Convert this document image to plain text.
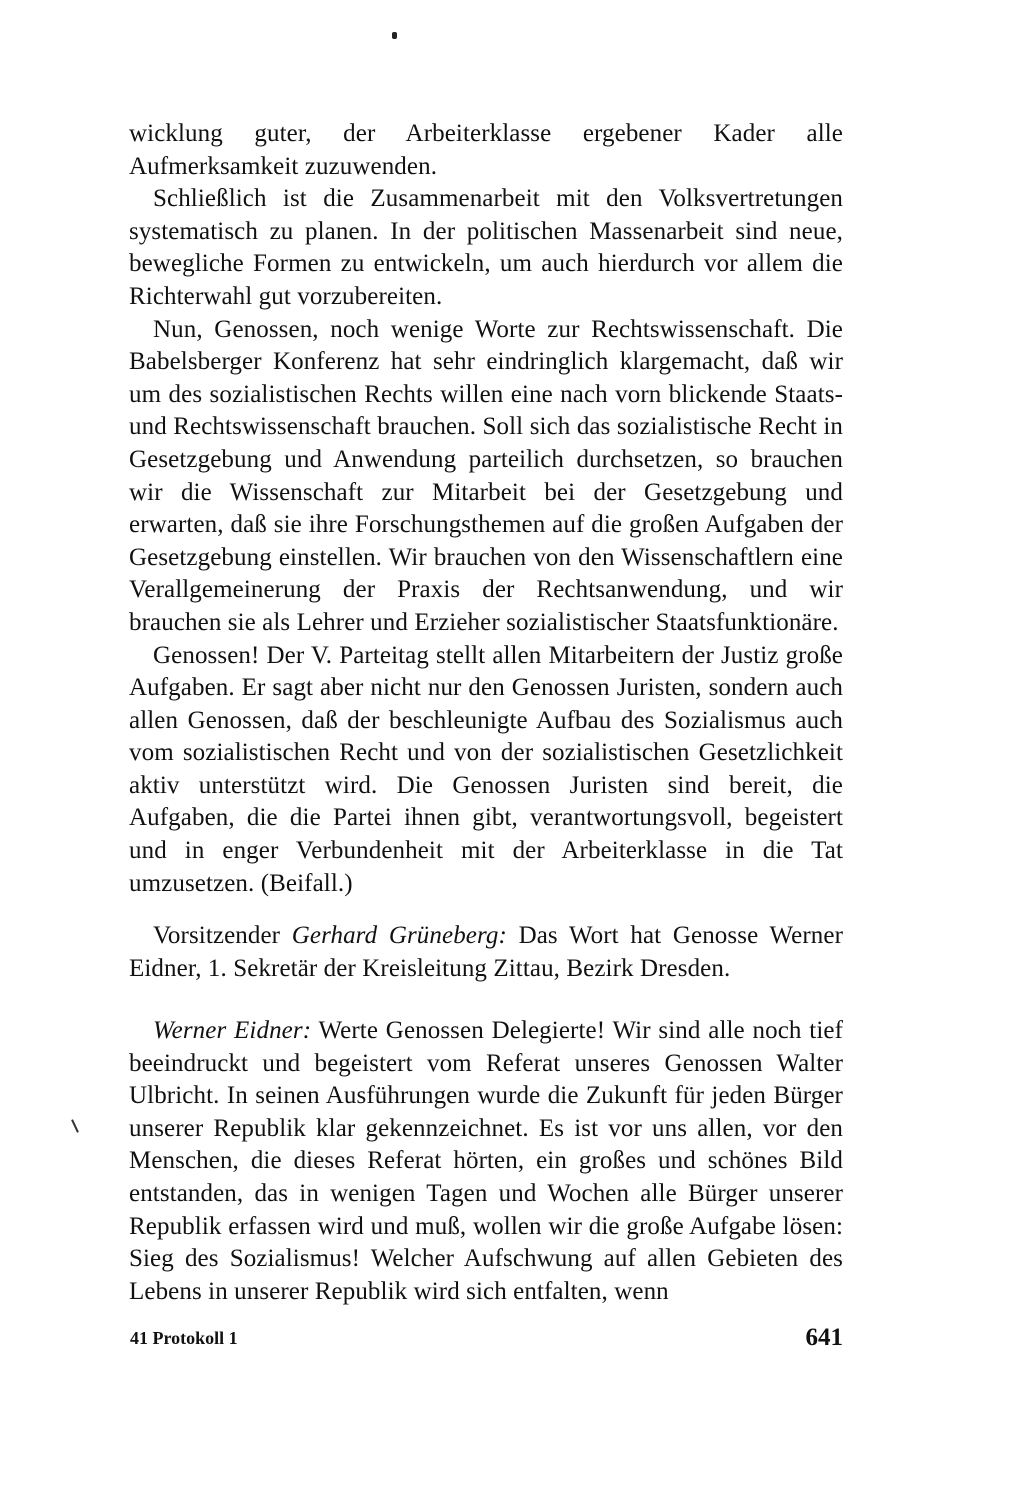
wicklung guter, der Arbeiterklasse ergebener Kader alle Aufmerksamkeit zuzuwenden.

Schließlich ist die Zusammenarbeit mit den Volksvertretungen systematisch zu planen. In der politischen Massenarbeit sind neue, bewegliche Formen zu entwickeln, um auch hierdurch vor allem die Richterwahl gut vorzubereiten.

Nun, Genossen, noch wenige Worte zur Rechtswissenschaft. Die Babelsberger Konferenz hat sehr eindringlich klargemacht, daß wir um des sozialistischen Rechts willen eine nach vorn blickende Staats- und Rechtswissenschaft brauchen. Soll sich das sozialistische Recht in Gesetzgebung und Anwendung parteilich durchsetzen, so brauchen wir die Wissenschaft zur Mitarbeit bei der Gesetzgebung und erwarten, daß sie ihre Forschungsthemen auf die großen Aufgaben der Gesetzgebung einstellen. Wir brauchen von den Wissenschaftlern eine Verallgemeinerung der Praxis der Rechtsanwendung, und wir brauchen sie als Lehrer und Erzieher sozialistischer Staatsfunktionäre.

Genossen! Der V. Parteitag stellt allen Mitarbeitern der Justiz große Aufgaben. Er sagt aber nicht nur den Genossen Juristen, sondern auch allen Genossen, daß der beschleunigte Aufbau des Sozialismus auch vom sozialistischen Recht und von der sozialistischen Gesetzlichkeit aktiv unterstützt wird. Die Genossen Juristen sind bereit, die Aufgaben, die die Partei ihnen gibt, verantwortungsvoll, begeistert und in enger Verbundenheit mit der Arbeiterklasse in die Tat umzusetzen. (Beifall.)

Vorsitzender Gerhard Grüneberg: Das Wort hat Genosse Werner Eidner, 1. Sekretär der Kreisleitung Zittau, Bezirk Dresden.

Werner Eidner: Werte Genossen Delegierte! Wir sind alle noch tief beeindruckt und begeistert vom Referat unseres Genossen Walter Ulbricht. In seinen Ausführungen wurde die Zukunft für jeden Bürger unserer Republik klar gekennzeichnet. Es ist vor uns allen, vor den Menschen, die dieses Referat hörten, ein großes und schönes Bild entstanden, das in wenigen Tagen und Wochen alle Bürger unserer Republik erfassen wird und muß, wollen wir die große Aufgabe lösen: Sieg des Sozialismus! Welcher Aufschwung auf allen Gebieten des Lebens in unserer Republik wird sich entfalten, wenn

41 Protokoll 1	641
